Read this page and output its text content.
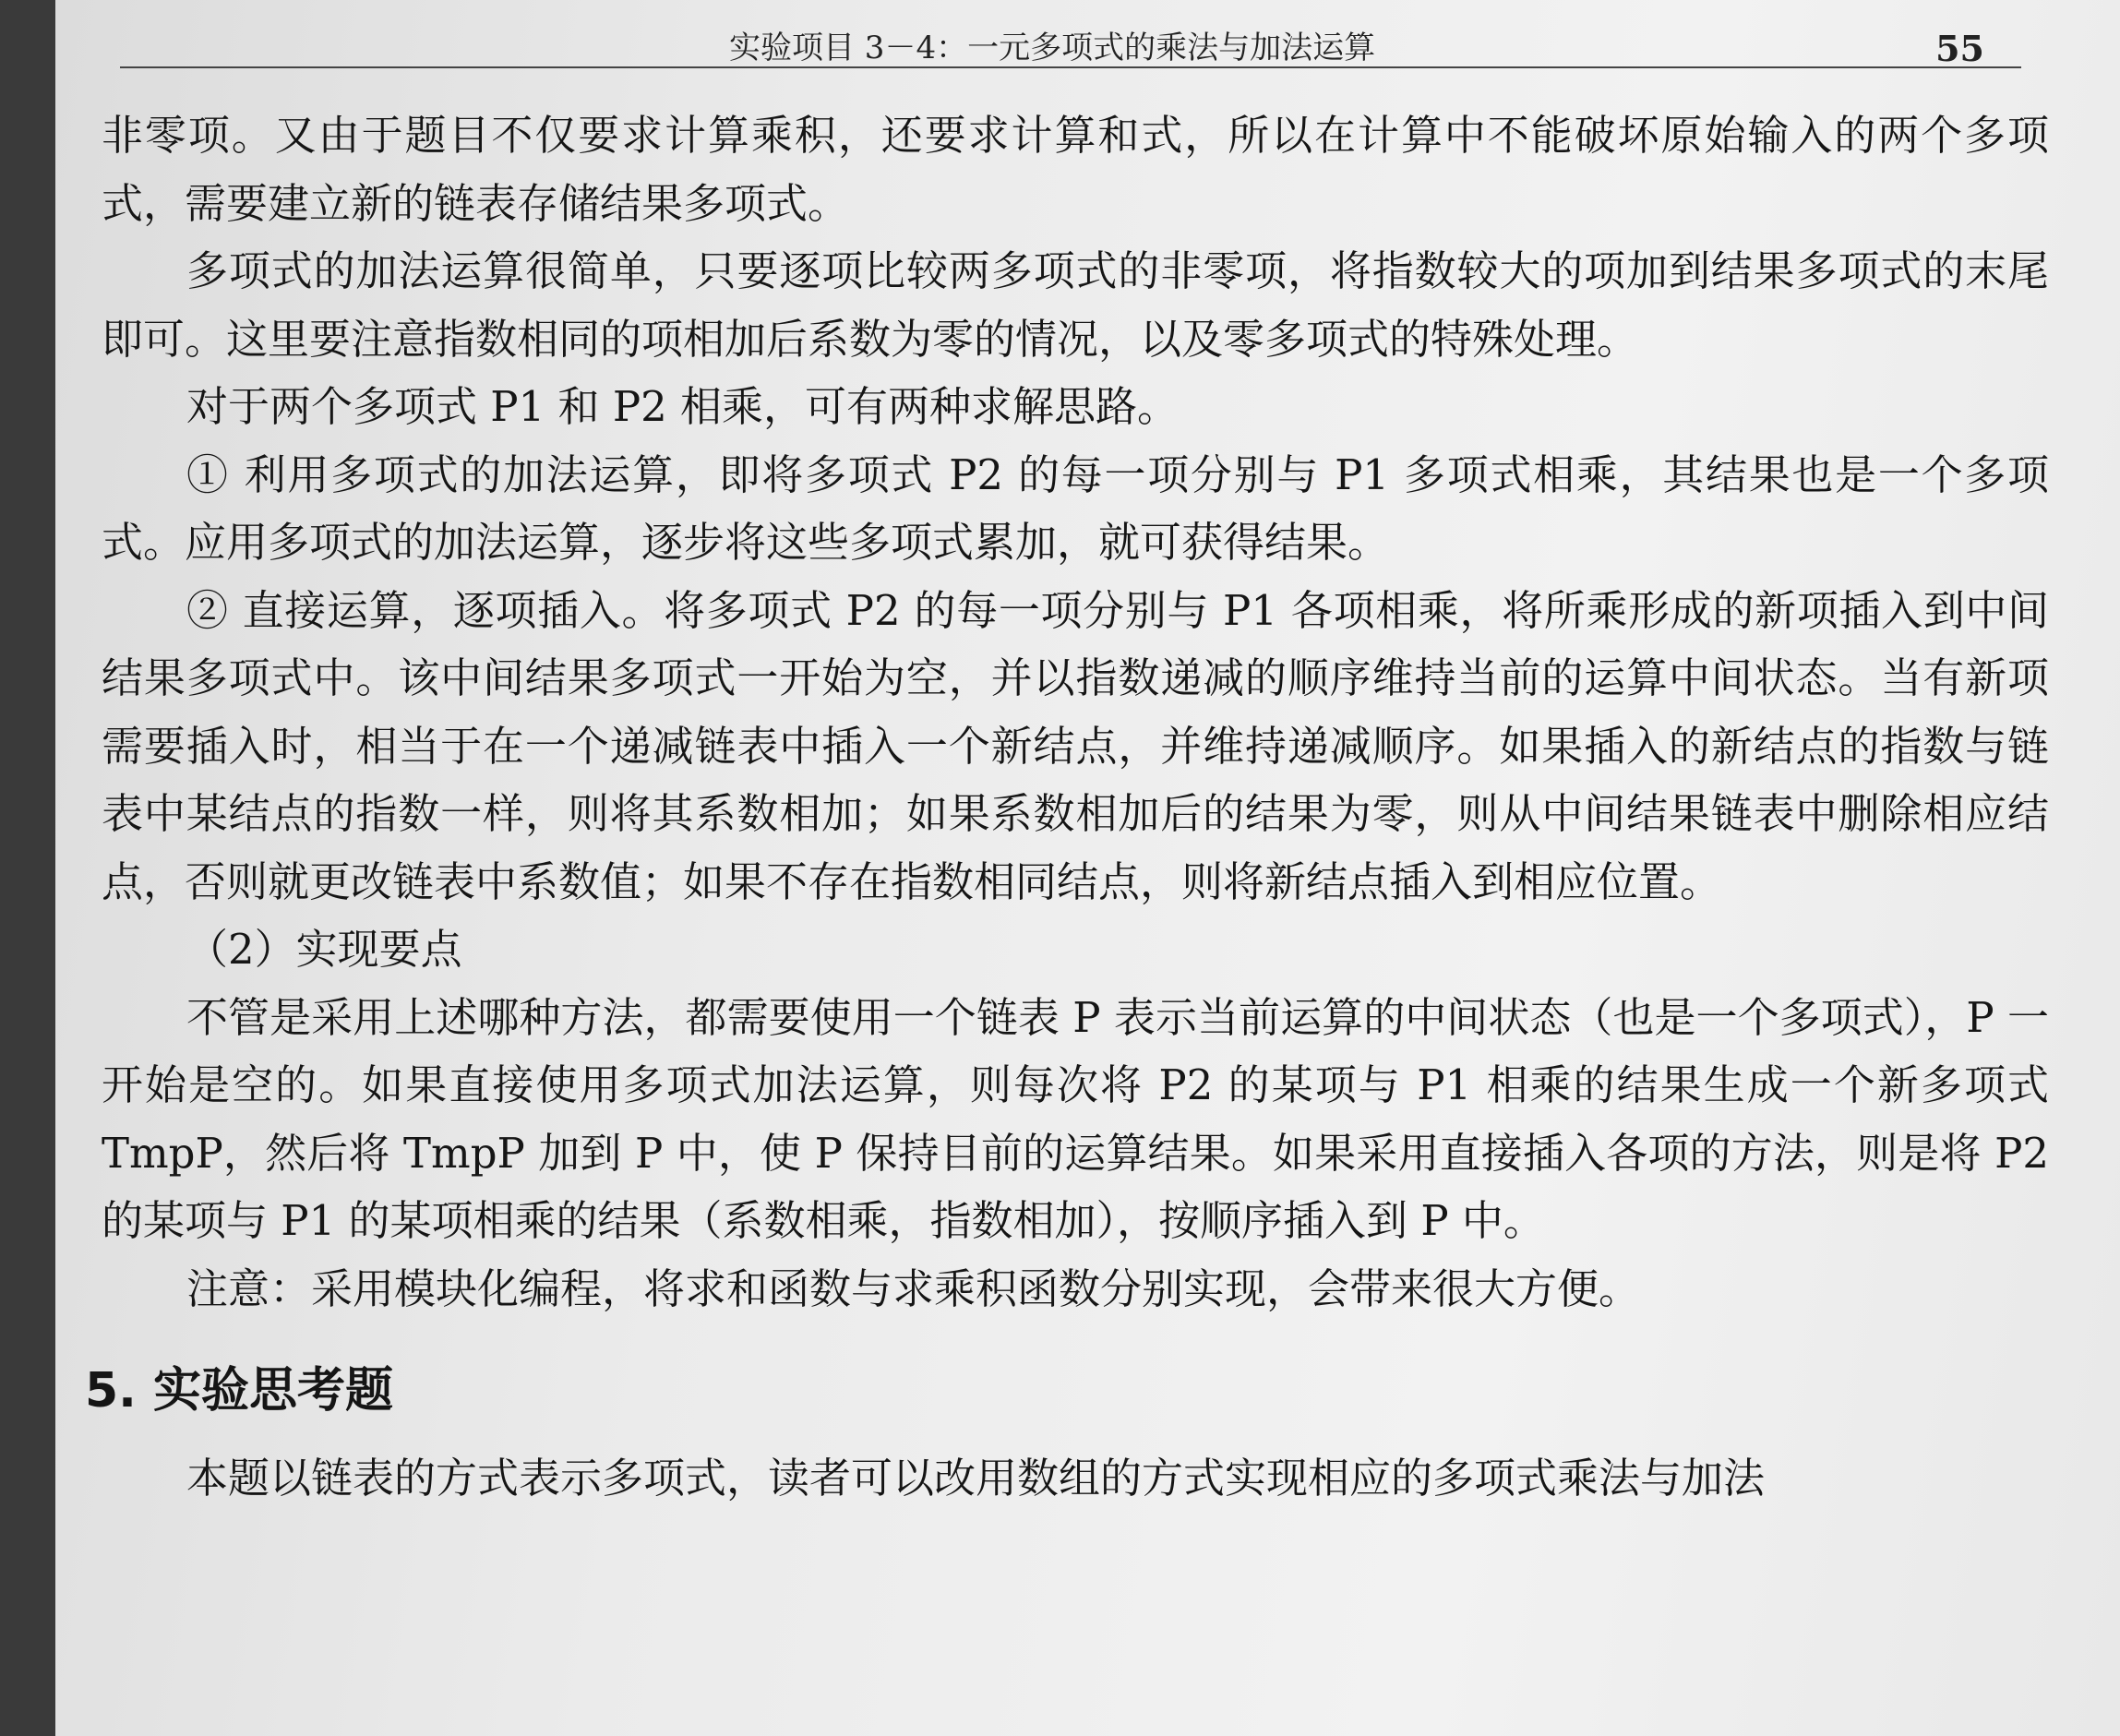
实验项目 3－4：一元多项式的乘法与加法运算	55

非零项。又由于题目不仅要求计算乘积，还要求计算和式，所以在计算中不能破坏原始输入的两个多项式，需要建立新的链表存储结果多项式。

多项式的加法运算很简单，只要逐项比较两多项式的非零项，将指数较大的项加到结果多项式的末尾即可。这里要注意指数相同的项相加后系数为零的情况，以及零多项式的特殊处理。

对于两个多项式 P1 和 P2 相乘，可有两种求解思路。

① 利用多项式的加法运算，即将多项式 P2 的每一项分别与 P1 多项式相乘，其结果也是一个多项式。应用多项式的加法运算，逐步将这些多项式累加，就可获得结果。

② 直接运算，逐项插入。将多项式 P2 的每一项分别与 P1 各项相乘，将所乘形成的新项插入到中间结果多项式中。该中间结果多项式一开始为空，并以指数递减的顺序维持当前的运算中间状态。当有新项需要插入时，相当于在一个递减链表中插入一个新结点，并维持递减顺序。如果插入的新结点的指数与链表中某结点的指数一样，则将其系数相加；如果系数相加后的结果为零，则从中间结果链表中删除相应结点，否则就更改链表中系数值；如果不存在指数相同结点，则将新结点插入到相应位置。

（2）实现要点

不管是采用上述哪种方法，都需要使用一个链表 P 表示当前运算的中间状态（也是一个多项式），P 一开始是空的。如果直接使用多项式加法运算，则每次将 P2 的某项与 P1 相乘的结果生成一个新多项式 TmpP，然后将 TmpP 加到 P 中，使 P 保持目前的运算结果。如果采用直接插入各项的方法，则是将 P2 的某项与 P1 的某项相乘的结果（系数相乘，指数相加），按顺序插入到 P 中。

注意：采用模块化编程，将求和函数与求乘积函数分别实现，会带来很大方便。

5. 实验思考题

本题以链表的方式表示多项式，读者可以改用数组的方式实现相应的多项式乘法与加法
